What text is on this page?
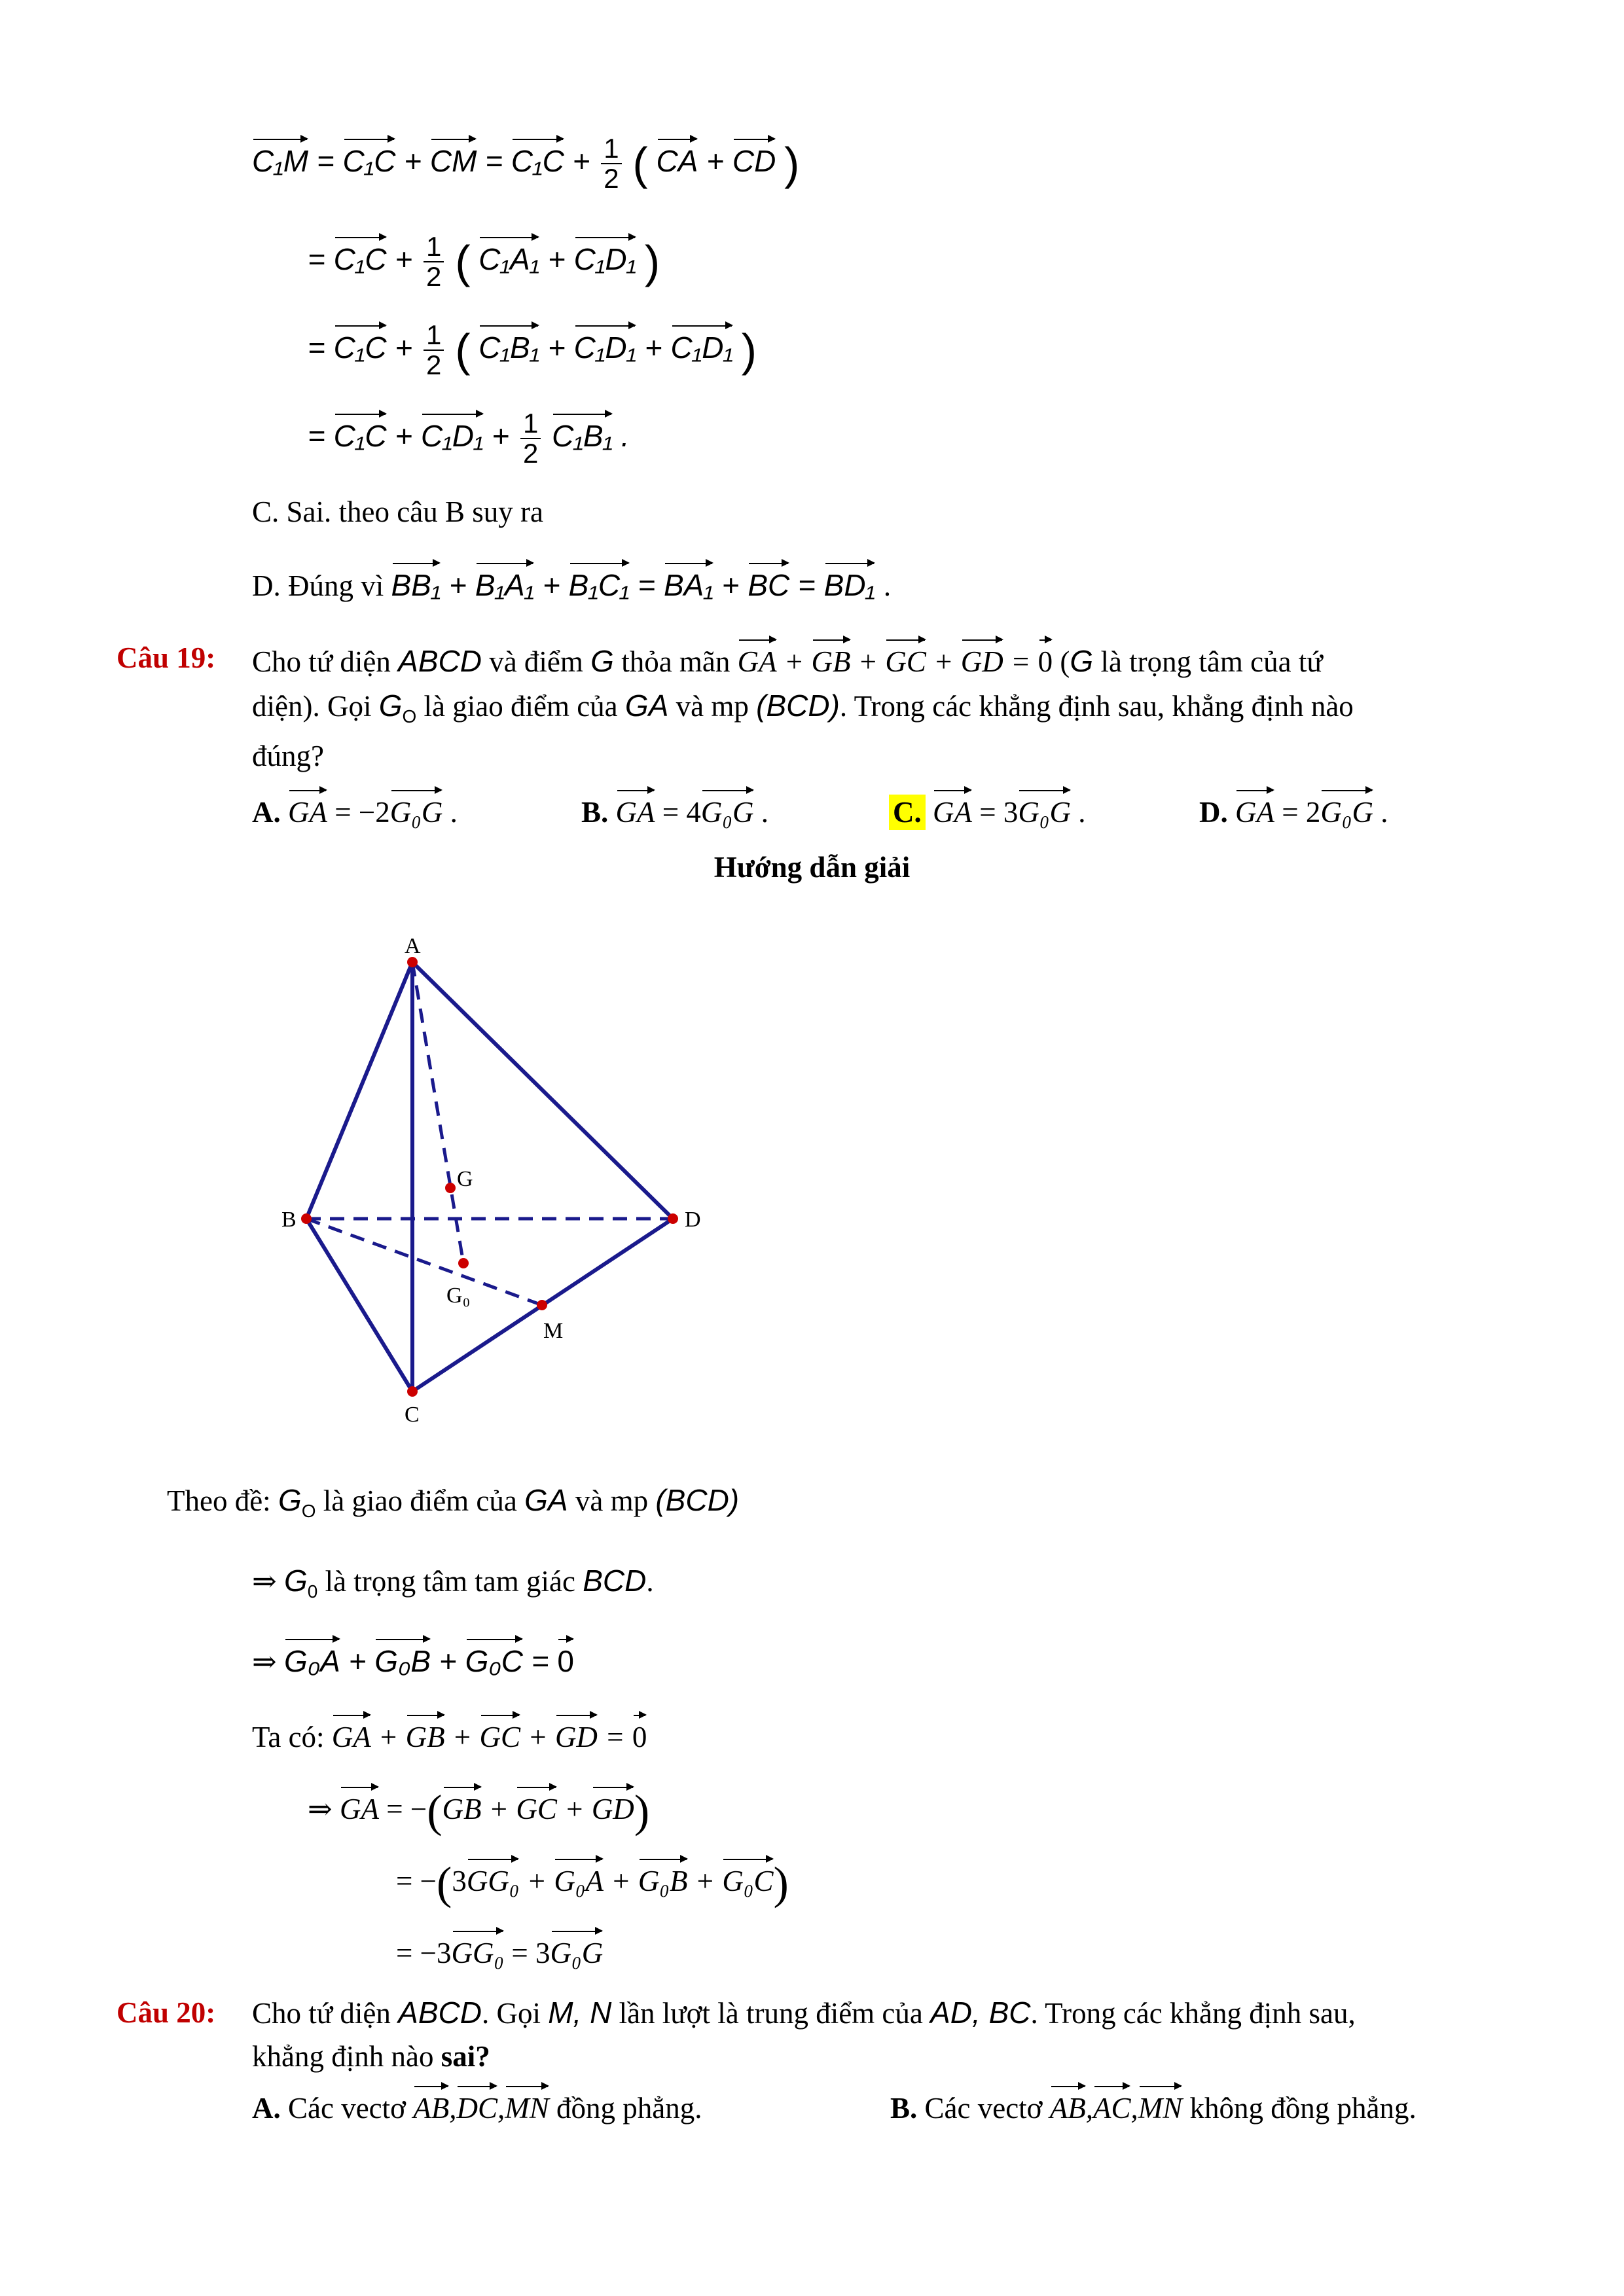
C₁M = C₁C + CM = $C_1C + \frac{1}{2}$ ( CA + CD )
= $C_1C + \frac{1}{2}$ ( C₁A₁ + C₁D₁ )
= $C_1C + \frac{1}{2}$ ( C₁B₁ + C₁D₁ + C₁D₁ )
= $C_1C + C_1D_1 + \frac{1}{2} C_1B_1$ .
C. Sai. theo câu B suy ra
D. Đúng vì BB₁ + B₁A₁ + B₁C₁ = BA₁ + BC = BD₁ .
Câu 19: Cho tứ diện ABCD và điểm G thỏa mãn GA + GB + GC + GD = 0 (G là trọng tâm của tứ
diện). Gọi $G_O$ là giao điểm của GA và mp (BCD). Trong các khẳng định sau, khẳng định nào
đúng?
A. GA = −2G₀G .	B. GA = 4G₀G .	C. GA = 3G₀G .	D. GA = 2G₀G .
Hướng dẫn giải
A
B
C
D
G
G₀
M
Theo đề: $G_O$ là giao điểm của GA và mp (BCD)
⇒ $G_0$ là trọng tâm tam giác BCD.
⇒ G₀A + G₀B + G₀C = 0
Ta có: GA + GB + GC + GD = 0
⇒ GA = −(GB + GC + GD)
= −(3GG₀ + G₀A + G₀B + G₀C)
= −3GG₀ = 3G₀G
Câu 20: Cho tứ diện ABCD. Gọi M, N lần lượt là trung điểm của AD, BC. Trong các khẳng định sau,
khẳng định nào sai?
A. Các vectơ AB,DC,MN đồng phẳng.	B. Các vectơ AB,AC,MN không đồng phẳng.
